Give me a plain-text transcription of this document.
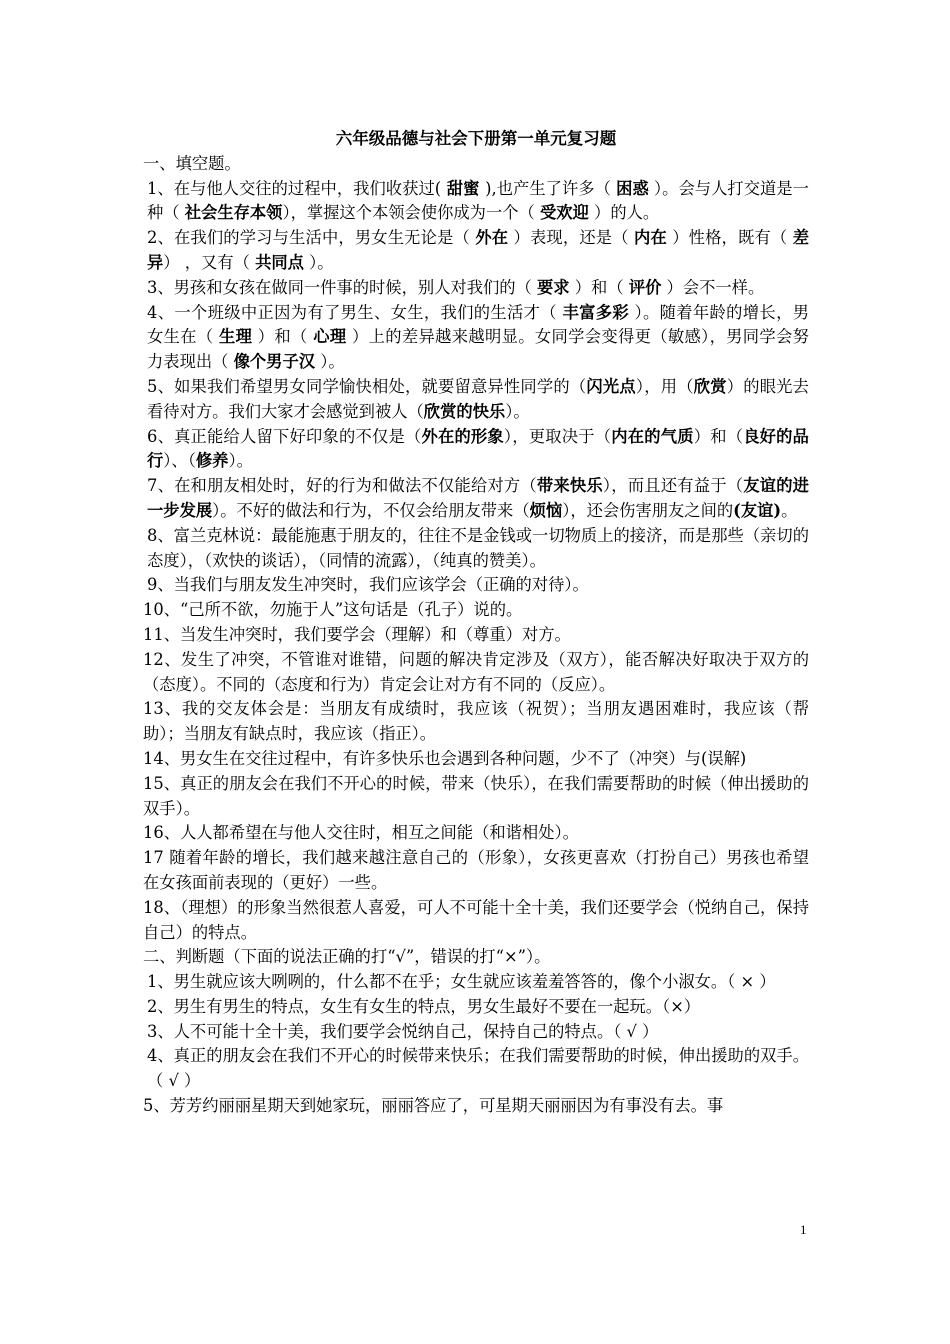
六年级品德与社会下册第一单元复习题
一、填空题。
1、在与他人交往的过程中，我们收获过( 甜蜜 ),也产生了许多（ 困惑 ）。会与人打交道是一种（ 社会生存本领），掌握这个本领会使你成为一个（ 受欢迎 ）的人。
2、在我们的学习与生活中，男女生无论是（ 外在 ）表现，还是（ 内在 ）性格，既有（ 差异） ，又有（ 共同点 ）。
3、男孩和女孩在做同一件事的时候，别人对我们的（ 要求 ）和（ 评价 ）会不一样。
4、一个班级中正因为有了男生、女生，我们的生活才（ 丰富多彩 ）。随着年龄的增长，男女生在（ 生理 ）和（ 心理 ）上的差异越来越明显。女同学会变得更（敏感），男同学会努力表现出（ 像个男子汉 ）。
5、如果我们希望男女同学愉快相处，就要留意异性同学的（闪光点），用（欣赏）的眼光去看待对方。我们大家才会感觉到被人（欣赏的快乐）。
6、真正能给人留下好印象的不仅是（外在的形象），更取决于（内在的气质）和（良好的品行）、（修养）。
7、在和朋友相处时，好的行为和做法不仅能给对方（带来快乐），而且还有益于（友谊的进一步发展）。不好的做法和行为，不仅会给朋友带来（烦恼），还会伤害朋友之间的(友谊)。
8、富兰克林说：最能施惠于朋友的，往往不是金钱或一切物质上的接济，而是那些（亲切的态度），（欢快的谈话），（同情的流露），（纯真的赞美）。
9、当我们与朋友发生冲突时，我们应该学会（正确的对待）。
10、“己所不欲，勿施于人”这句话是（孔子）说的。
11、当发生冲突时，我们要学会（理解）和（尊重）对方。
12、发生了冲突，不管谁对谁错，问题的解决肯定涉及（双方），能否解决好取决于双方的（态度）。不同的（态度和行为）肯定会让对方有不同的（反应）。
13、我的交友体会是：当朋友有成绩时，我应该（祝贺）；当朋友遇困难时，我应该（帮助）；当朋友有缺点时，我应该（指正）。
14、男女生在交往过程中，有许多快乐也会遇到各种问题，少不了（冲突）与(误解)
15、真正的朋友会在我们不开心的时候，带来（快乐），在我们需要帮助的时候（伸出援助的双手）。
16、人人都希望在与他人交往时，相互之间能（和谐相处）。
17 随着年龄的增长，我们越来越注意自己的（形象），女孩更喜欢（打扮自己）男孩也希望在女孩面前表现的（更好）一些。
18、（理想）的形象当然很惹人喜爱，可人不可能十全十美，我们还要学会（悦纳自己，保持自己）的特点。
二、判断题（下面的说法正确的打“√”，错误的打“×”）。
1、男生就应该大咧咧的，什么都不在乎；女生就应该羞羞答答的，像个小淑女。（ × ）
2、男生有男生的特点，女生有女生的特点，男女生最好不要在一起玩。（×）
3、人不可能十全十美，我们要学会悦纳自己，保持自己的特点。（ √ ）
4、真正的朋友会在我们不开心的时候带来快乐；在我们需要帮助的时候，伸出援助的双手。（ √ ）
5、芳芳约丽丽星期天到她家玩，丽丽答应了，可星期天丽丽因为有事没有去。事
1
